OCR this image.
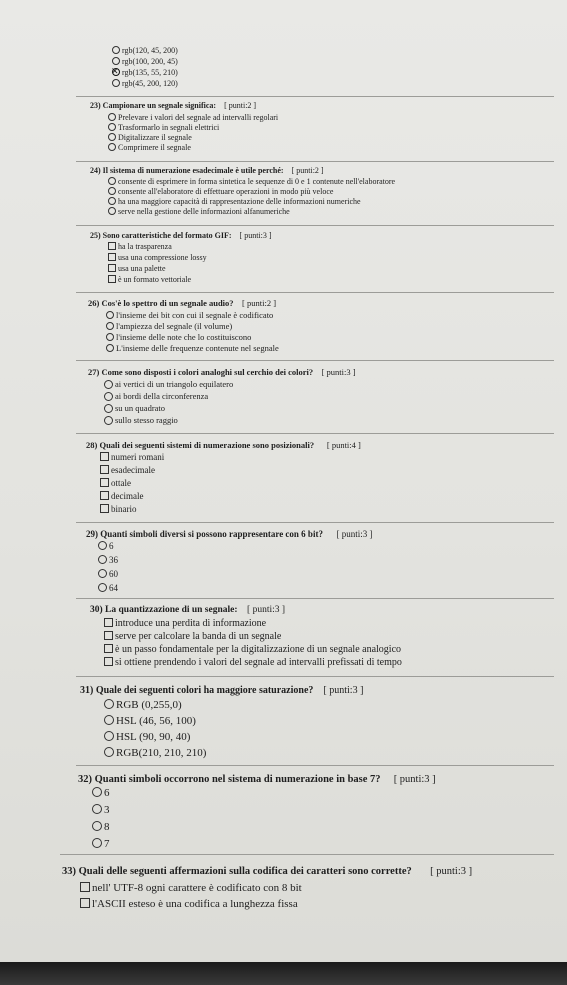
rgb(120, 45, 200)
rgb(100, 200, 45)
✕ rgb(135, 55, 210)
rgb(45, 200, 120)
23) Campionare un segnale significa: [ punti:2 ]
Prelevare i valori del segnale ad intervalli regolari
Trasformarlo in segnali elettrici
Digitalizzare il segnale
Comprimere il segnale
24) Il sistema di numerazione esadecimale è utile perché: [ punti:2 ]
consente di esprimere in forma sintetica le sequenze di 0 e 1 contenute nell'elaboratore
consente all'elaboratore di effettuare operazioni in modo più veloce
ha una maggiore capacità di rappresentazione delle informazioni numeriche
serve nella gestione delle informazioni alfanumeriche
25) Sono caratteristiche del formato GIF: [ punti:3 ]
ha la trasparenza
usa una compressione lossy
usa una palette
è un formato vettoriale
26) Cos'è lo spettro di un segnale audio? [ punti:2 ]
l'insieme dei bit con cui il segnale è codificato
l'ampiezza del segnale (il volume)
l'insieme delle note che lo costituiscono
L'insieme delle frequenze contenute nel segnale
27) Come sono disposti i colori analoghi sul cerchio dei colori? [ punti:3 ]
ai vertici di un triangolo equilatero
ai bordi della circonferenza
su un quadrato
sullo stesso raggio
28) Quali dei seguenti sistemi di numerazione sono posizionali? [ punti:4 ]
numeri romani
esadecimale
ottale
decimale
binario
29) Quanti simboli diversi si possono rappresentare con 6 bit? [ punti:3 ]
6
36
60
64
30) La quantizzazione di un segnale: [ punti:3 ]
introduce una perdita di informazione
serve per calcolare la banda di un segnale
è un passo fondamentale per la digitalizzazione di un segnale analogico
si ottiene prendendo i valori del segnale ad intervalli prefissati di tempo
31) Quale dei seguenti colori ha maggiore saturazione? [ punti:3 ]
RGB (0,255,0)
HSL (46, 56, 100)
HSL (90, 90, 40)
RGB(210, 210, 210)
32) Quanti simboli occorrono nel sistema di numerazione in base 7? [ punti:3 ]
6
3
8
7
33) Quali delle seguenti affermazioni sulla codifica dei caratteri sono corrette? [ punti:3 ]
nell' UTF-8 ogni carattere è codificato con 8 bit
l'ASCII esteso è una codifica a lunghezza fissa
